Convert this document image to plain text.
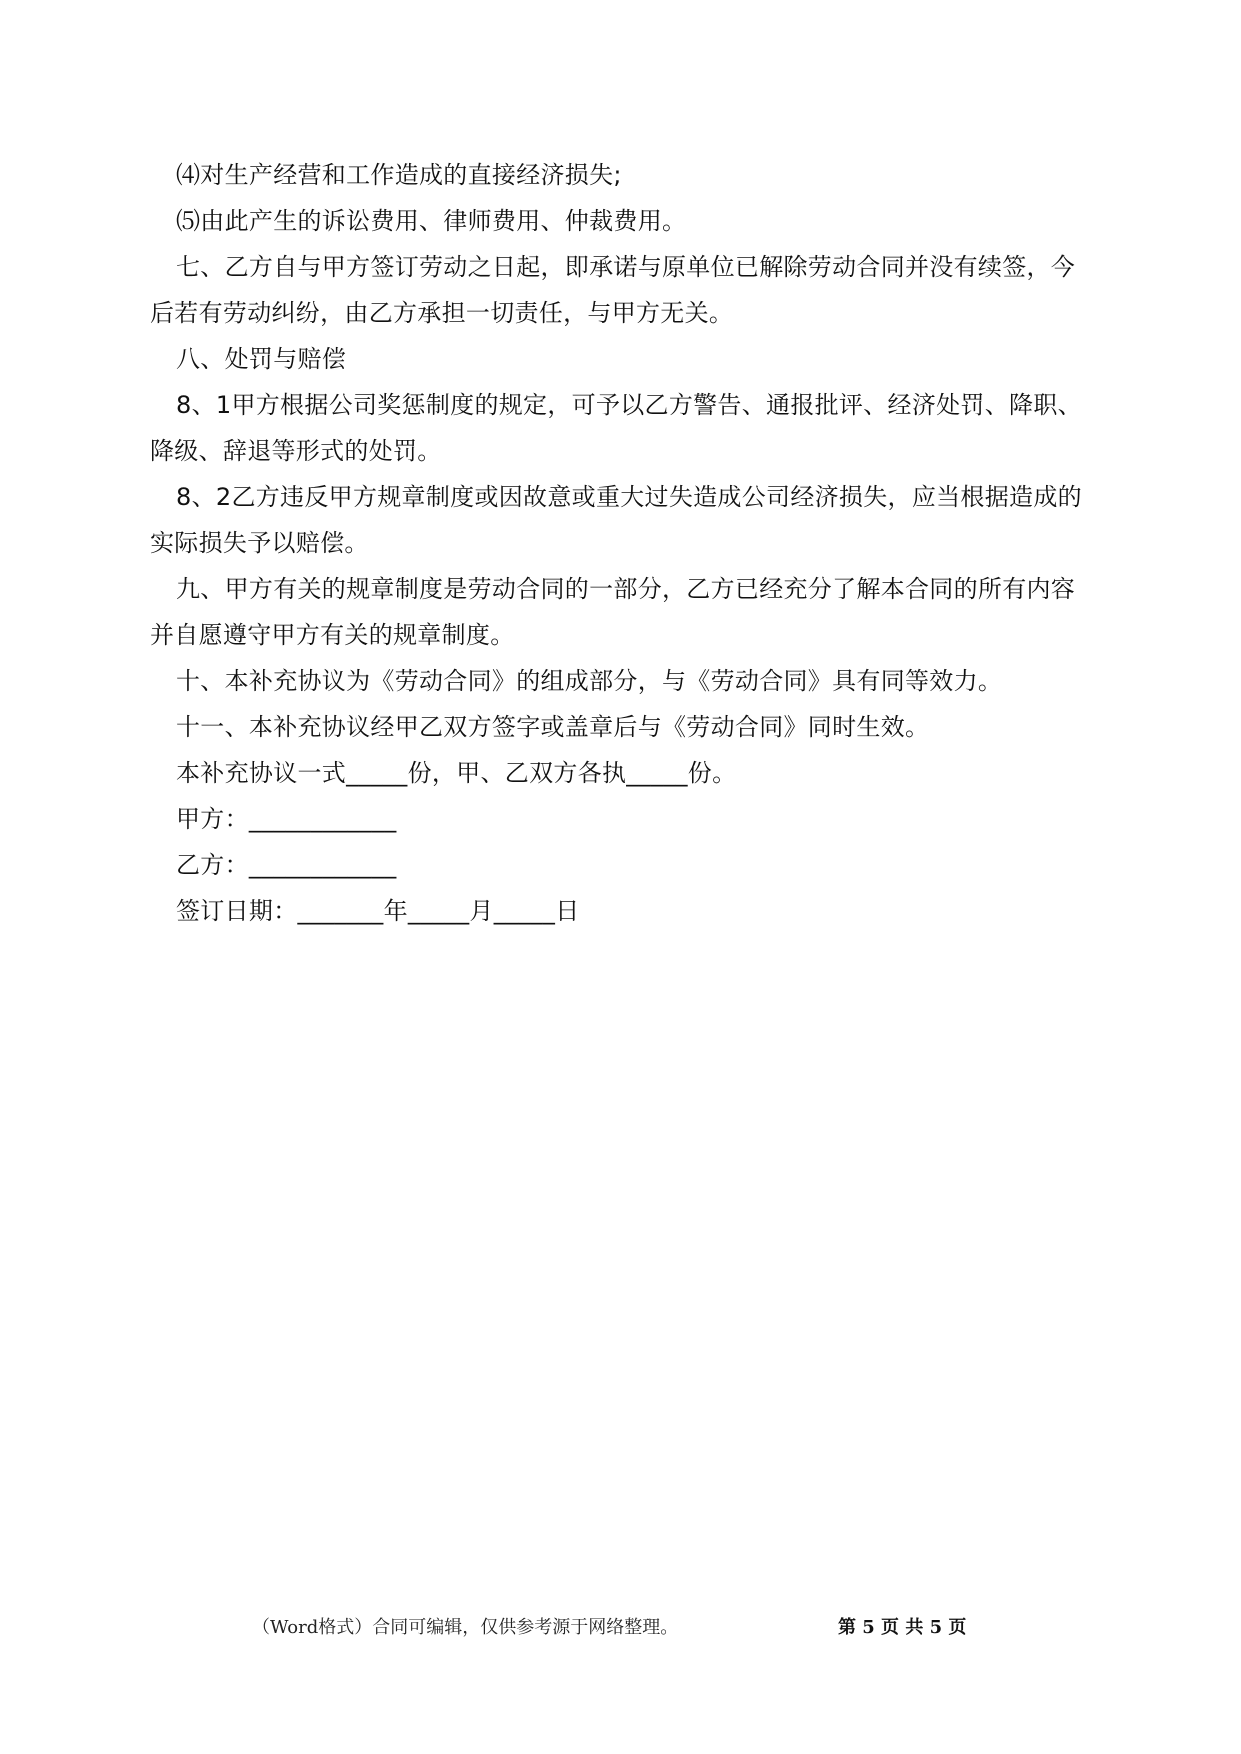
⑷对生产经营和工作造成的直接经济损失;

⑸由此产生的诉讼费用、律师费用、仲裁费用。

七、乙方自与甲方签订劳动之日起，即承诺与原单位已解除劳动合同并没有续签，今后若有劳动纠纷，由乙方承担一切责任，与甲方无关。

八、处罚与赔偿

8、1甲方根据公司奖惩制度的规定，可予以乙方警告、通报批评、经济处罚、降职、降级、辞退等形式的处罚。

8、2乙方违反甲方规章制度或因故意或重大过失造成公司经济损失，应当根据造成的实际损失予以赔偿。

九、甲方有关的规章制度是劳动合同的一部分，乙方已经充分了解本合同的所有内容并自愿遵守甲方有关的规章制度。

十、本补充协议为《劳动合同》的组成部分，与《劳动合同》具有同等效力。

十一、本补充协议经甲乙双方签字或盖章后与《劳动合同》同时生效。

本补充协议一式_____份，甲、乙双方各执_____份。

甲方：____________

乙方：____________

签订日期：_______年_____月_____日

（Word格式）合同可编辑，仅供参考源于网络整理。	第 5 页 共 5 页
